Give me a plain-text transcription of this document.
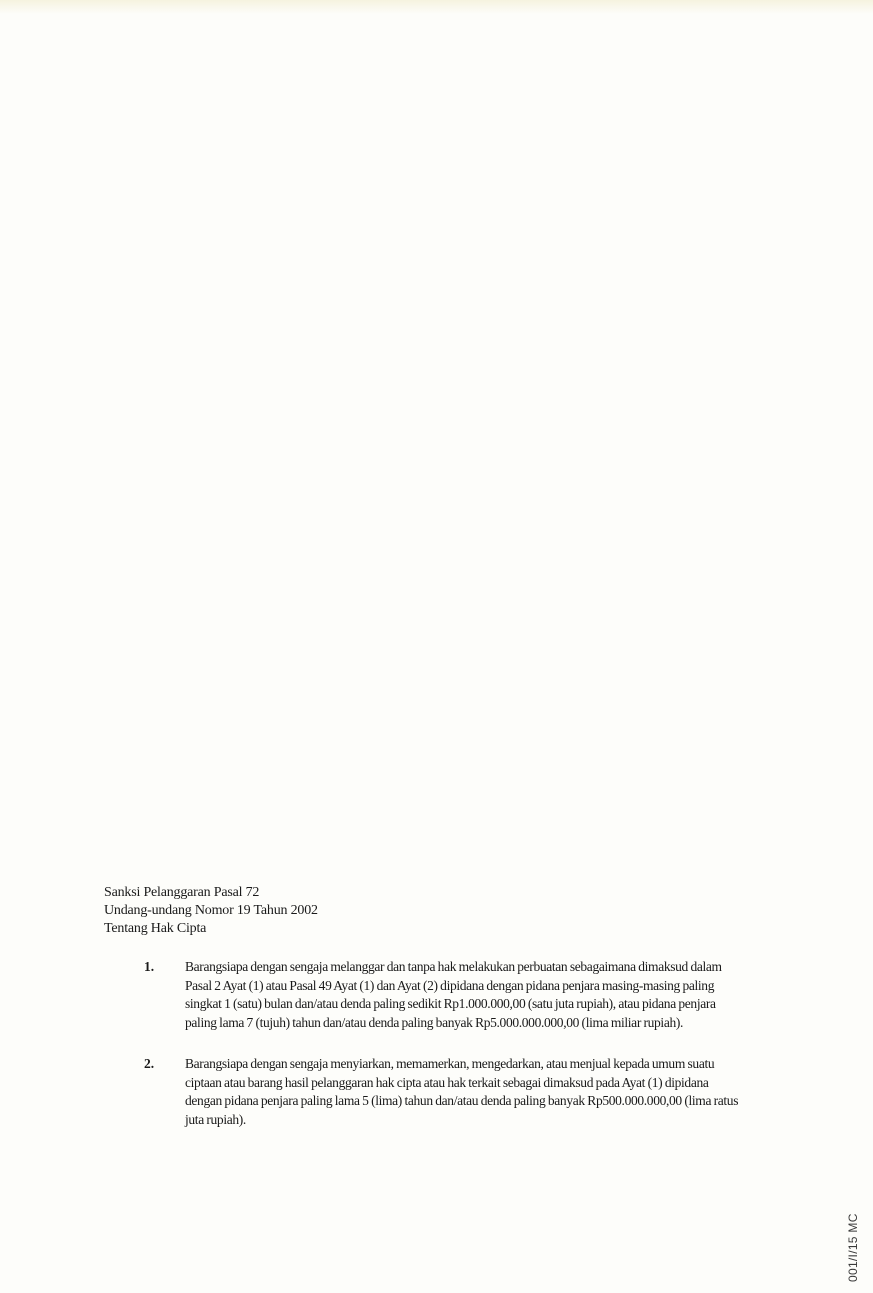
Sanksi Pelanggaran Pasal 72

Undang-undang Nomor 19 Tahun 2002

Tentang Hak Cipta

1.	Barangsiapa dengan sengaja melanggar dan tanpa hak melakukan perbuatan sebagaimana dimaksud dalam Pasal 2 Ayat (1) atau Pasal 49 Ayat (1) dan Ayat (2) dipidana dengan pidana penjara masing-masing paling singkat 1 (satu) bulan dan/atau denda paling sedikit Rp1.000.000,00 (satu juta rupiah), atau pidana penjara paling lama 7 (tujuh) tahun dan/atau denda paling banyak Rp5.000.000.000,00 (lima miliar rupiah).
2.	Barangsiapa dengan sengaja menyiarkan, memamerkan, mengedarkan, atau menjual kepada umum suatu ciptaan atau barang hasil pelanggaran hak cipta atau hak terkait sebagai dimaksud pada Ayat (1) dipidana dengan pidana penjara paling lama 5 (lima) tahun dan/atau denda paling banyak Rp500.000.000,00 (lima ratus juta rupiah).
001/I/15 MC
